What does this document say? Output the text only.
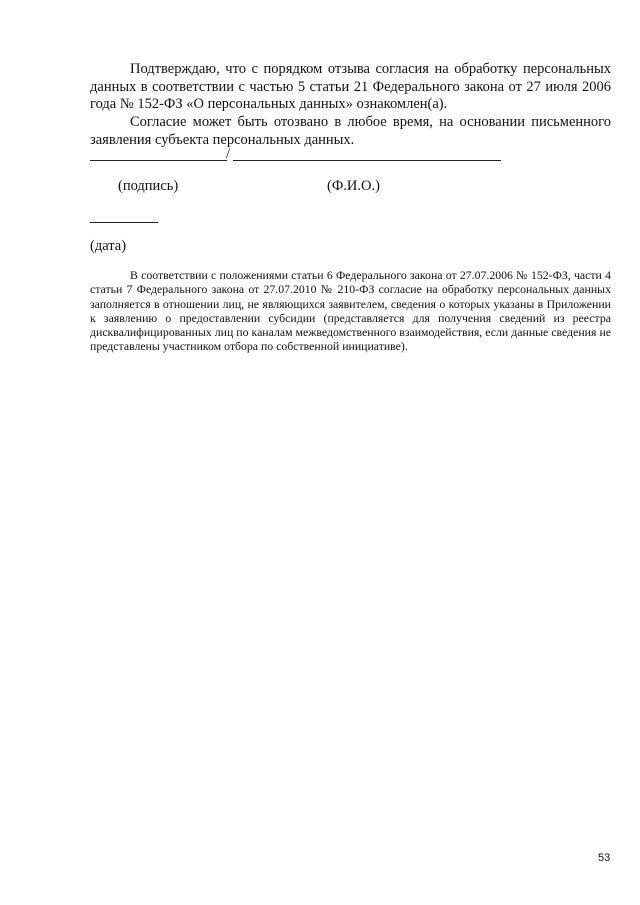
Подтверждаю, что с порядком отзыва согласия на обработку персональных данных в соответствии с частью 5 статьи 21 Федерального закона от 27 июля 2006 года № 152-ФЗ «О персональных данных» ознакомлен(а).

Согласие может быть отозвано в любое время, на основании письменного заявления субъекта персональных данных.

/
(подпись)	(Ф.И.О.)
(дата)

В соответствии с положениями статьи 6 Федерального закона от 27.07.2006 № 152-ФЗ, части 4 статьи 7 Федерального закона от 27.07.2010 № 210-ФЗ согласие на обработку персональных данных заполняется в отношении лиц, не являющихся заявителем, сведения о которых указаны в Приложении к заявлению о предоставлении субсидии (представляется для получения сведений из реестра дисквалифицированных лиц по каналам межведомственного взаимодействия, если данные сведения не представлены участником отбора по собственной инициативе).

53
